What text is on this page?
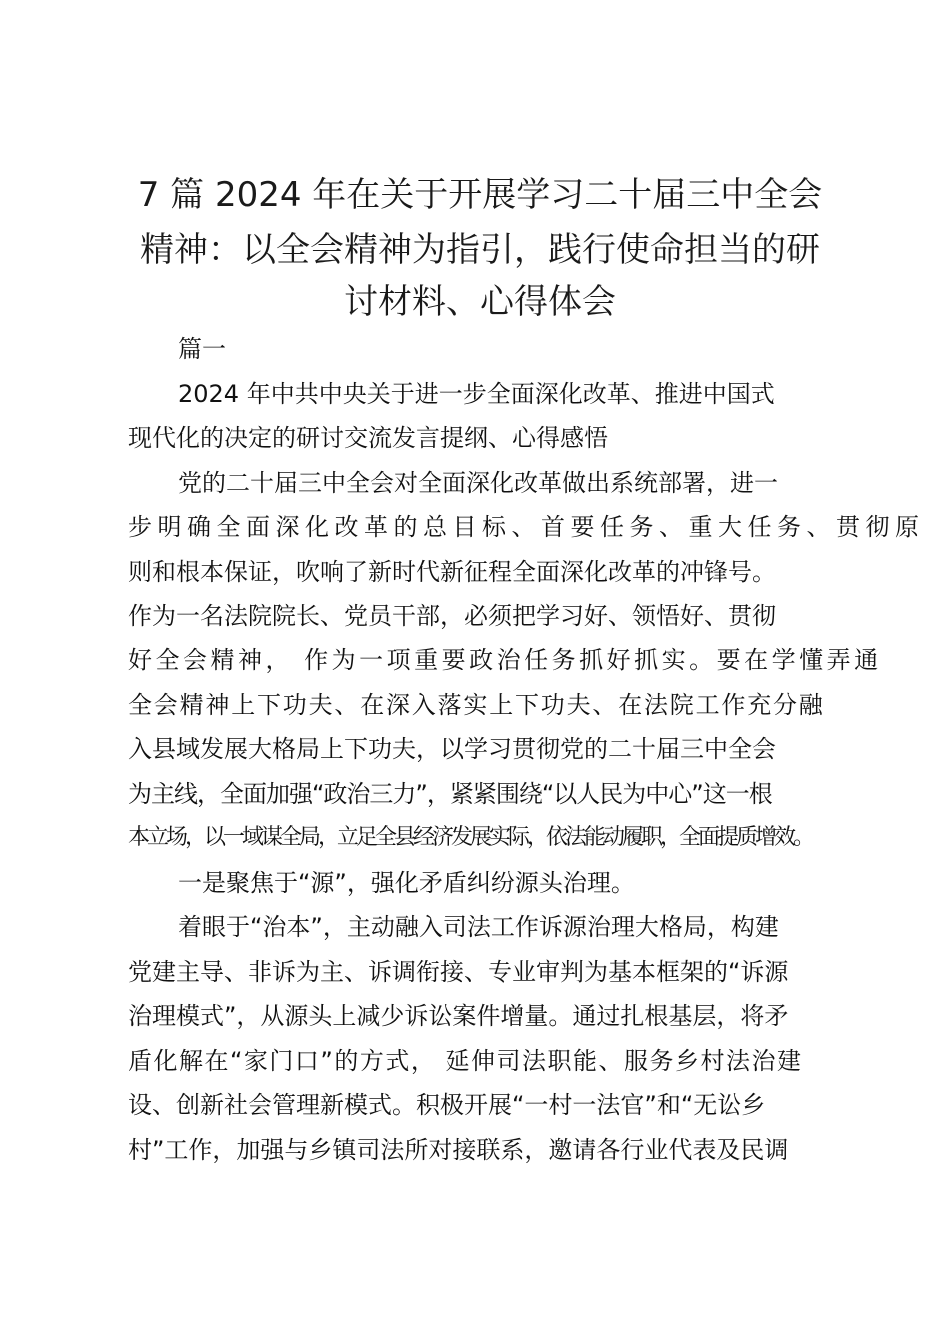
7 篇 2024 年在关于开展学习二十届三中全会
精神：以全会精神为指引，践行使命担当的研
讨材料、心得体会
篇一
2024 年中共中央关于进一步全面深化改革、推进中国式
现代化的决定的研讨交流发言提纲、心得感悟
党的二十届三中全会对全面深化改革做出系统部署，进一
步明确全面深化改革的总目标、首要任务、重大任务、贯彻原
则和根本保证，吹响了新时代新征程全面深化改革的冲锋号。
作为一名法院院长、党员干部，必须把学习好、领悟好、贯彻
好全会精神， 作为一项重要政治任务抓好抓实。要在学懂弄通
全会精神上下功夫、在深入落实上下功夫、在法院工作充分融
入县域发展大格局上下功夫，以学习贯彻党的二十届三中全会
为主线，全面加强“政治三力”，紧紧围绕“以人民为中心”这一根
本立场，以一域谋全局，立足全县经济发展实际，依法能动履职，全面提质增效。
一是聚焦于“源”，强化矛盾纠纷源头治理。
着眼于“治本”，主动融入司法工作诉源治理大格局，构建
党建主导、非诉为主、诉调衔接、专业审判为基本框架的“诉源
治理模式”，从源头上减少诉讼案件增量。通过扎根基层，将矛
盾化解在“家门口”的方式， 延伸司法职能、服务乡村法治建
设、创新社会管理新模式。积极开展“一村一法官”和“无讼乡
村”工作，加强与乡镇司法所对接联系，邀请各行业代表及民调
